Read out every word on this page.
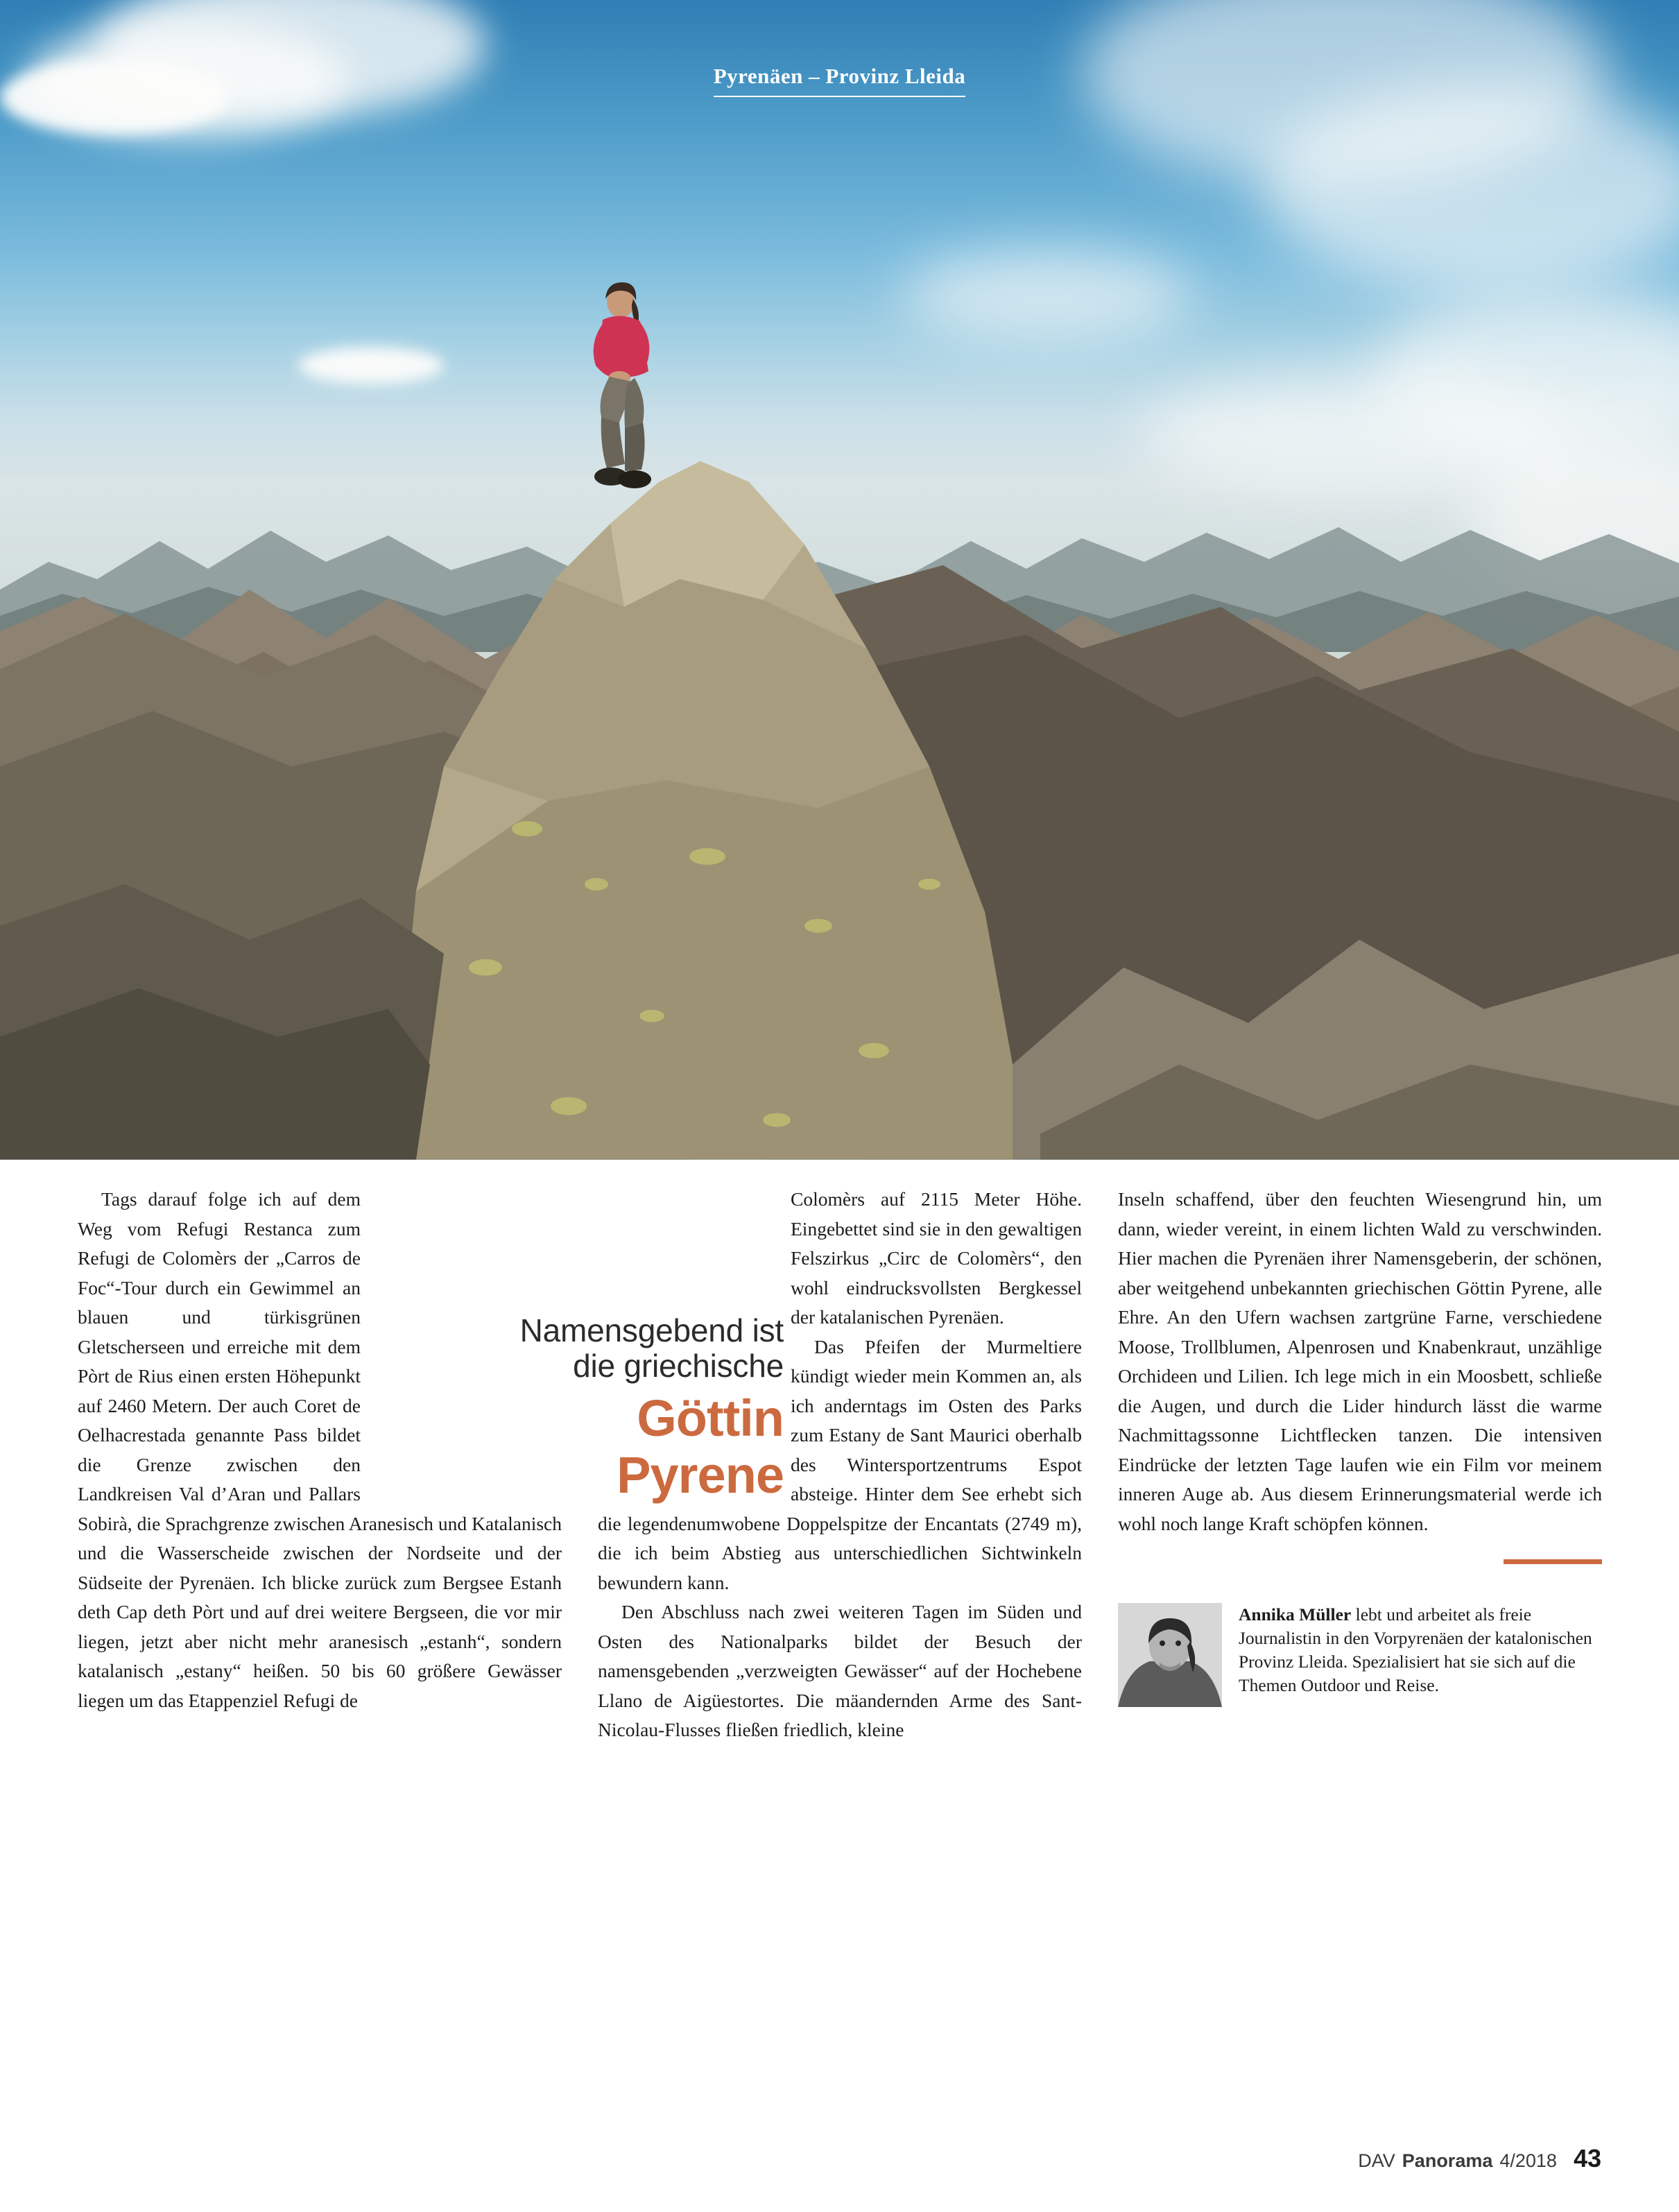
Pyrenäen – Provinz Lleida

Tags darauf folge ich auf dem Weg vom Refugi Restanca zum Refugi de Colomèrs der „Carros de Foc“-Tour durch ein Gewimmel an blauen und türkisgrünen Gletscherseen und erreiche mit dem Pòrt de Rius einen ersten Höhepunkt auf 2460 Metern. Der auch Coret de Oelhacrestada genannte Pass bildet die Grenze zwischen den Landkreisen Val d’Aran und Pallars Sobirà, die Sprachgrenze zwischen Aranesisch und Katalanisch und die Wasserscheide zwischen der Nordseite und der Südseite der Pyrenäen. Ich blicke zurück zum Bergsee Estanh deth Cap deth Pòrt und auf drei weitere Bergseen, die vor mir liegen, jetzt aber nicht mehr aranesisch „estanh“, sondern katalanisch „estany“ heißen. 50 bis 60 größere Gewässer liegen um das Etappenziel Refugi de

Colomèrs auf 2115 Meter Höhe. Eingebettet sind sie in den gewaltigen Felszirkus „Circ de Colomèrs“, den wohl eindrucksvollsten Bergkessel der katalanischen Pyrenäen.

Das Pfeifen der Murmeltiere kündigt wieder mein Kommen an, als ich anderntags im Osten des Parks zum Estany de Sant Maurici oberhalb des Wintersportzentrums Espot absteige. Hinter dem See erhebt sich die legendenumwobene Doppelspitze der Encantats (2749 m), die ich beim Abstieg aus unterschiedlichen Sichtwinkeln bewundern kann.

Den Abschluss nach zwei weiteren Tagen im Süden und Osten des Nationalparks bildet der Besuch der namensgebenden „verzweigten Gewässer“ auf der Hochebene Llano de Aigüestortes. Die mäandernden Arme des Sant-Nicolau-Flusses fließen friedlich, kleine

Inseln schaffend, über den feuchten Wiesengrund hin, um dann, wieder vereint, in einem lichten Wald zu verschwinden. Hier machen die Pyrenäen ihrer Namensgeberin, der schönen, aber weitgehend unbekannten griechischen Göttin Pyrene, alle Ehre. An den Ufern wachsen zartgrüne Farne, verschiedene Moose, Trollblumen, Alpenrosen und Knabenkraut, unzählige Orchideen und Lilien. Ich lege mich in ein Moosbett, schließe die Augen, und durch die Lider hindurch lässt die warme Nachmittagssonne Lichtflecken tanzen. Die intensiven Eindrücke der letzten Tage laufen wie ein Film vor meinem inneren Auge ab. Aus diesem Erinnerungsmaterial werde ich wohl noch lange Kraft schöpfen können.

Annika Müller lebt und arbeitet als freie Journalistin in den Vorpyrenäen der katalonischen Provinz Lleida. Spezialisiert hat sie sich auf die Themen Outdoor und Reise.
Namensgebend ist
die griechische
Göttin
Pyrene
DAV Panorama 4/2018 43
